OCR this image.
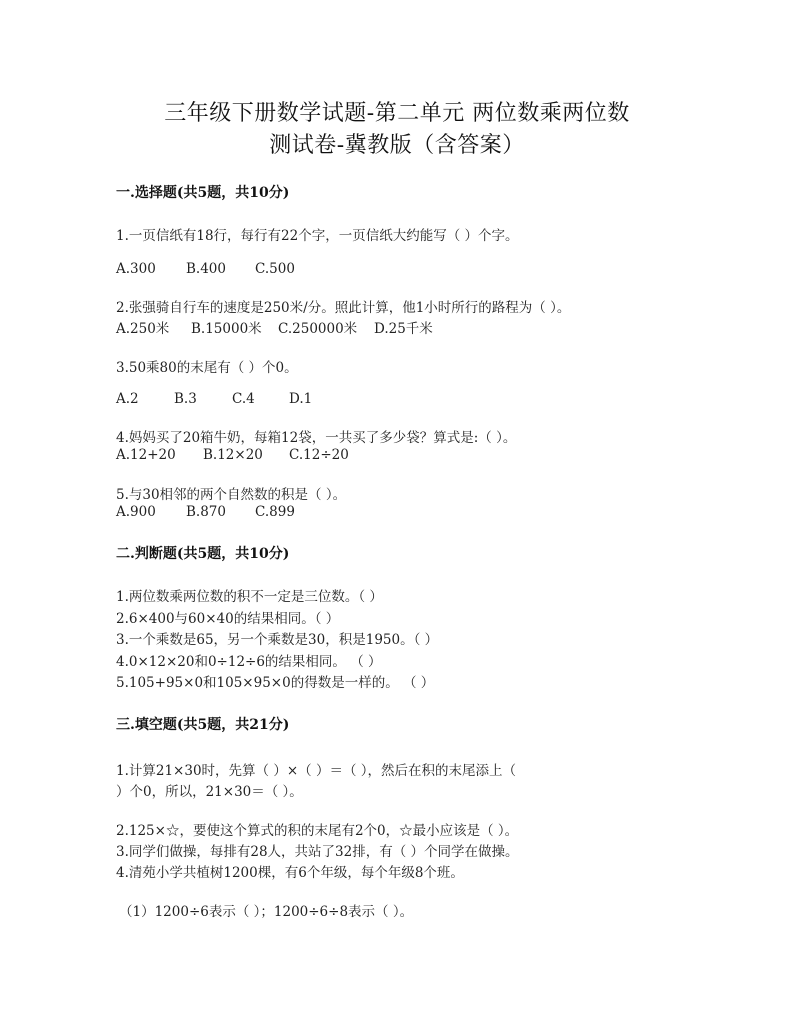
三年级下册数学试题-第二单元 两位数乘两位数
测试卷-冀教版（含答案）
一.选择题(共5题，共10分)
1.一页信纸有18行，每行有22个字，一页信纸大约能写（ ）个字。
A.300 B.400 C.500
2.张强骑自行车的速度是250米/分。照此计算，他1小时所行的路程为（ ）。
A.250米 B.15000米 C.250000米 D.25千米
3.50乘80的末尾有（ ）个0。
A.2	B.3	C.4	D.1
4.妈妈买了20箱牛奶，每箱12袋，一共买了多少袋？算式是:（ ）。
A.12+20 B.12×20 C.12÷20
5.与30相邻的两个自然数的积是（ ）。
A.900 B.870 C.899
二.判断题(共5题，共10分)
1.两位数乘两位数的积不一定是三位数。（ ）
2.6×400与60×40的结果相同。（ ）
3.一个乘数是65，另一个乘数是30，积是1950。（ ）
4.0×12×20和0÷12÷6的结果相同。 （ ）
5.105+95×0和105×95×0的得数是一样的。 （ ）
三.填空题(共5题，共21分)
1.计算21×30时，先算（ ）×（ ）＝（ ），然后在积的末尾添上（
）个0，所以，21×30＝（ ）。
2.125×☆，要使这个算式的积的末尾有2个0，☆最小应该是（ ）。
3.同学们做操，每排有28人，共站了32排，有（ ）个同学在做操。
4.清苑小学共植树1200棵，有6个年级，每个年级8个班。
（1）1200÷6表示（ ）；1200÷6÷8表示（ ）。
